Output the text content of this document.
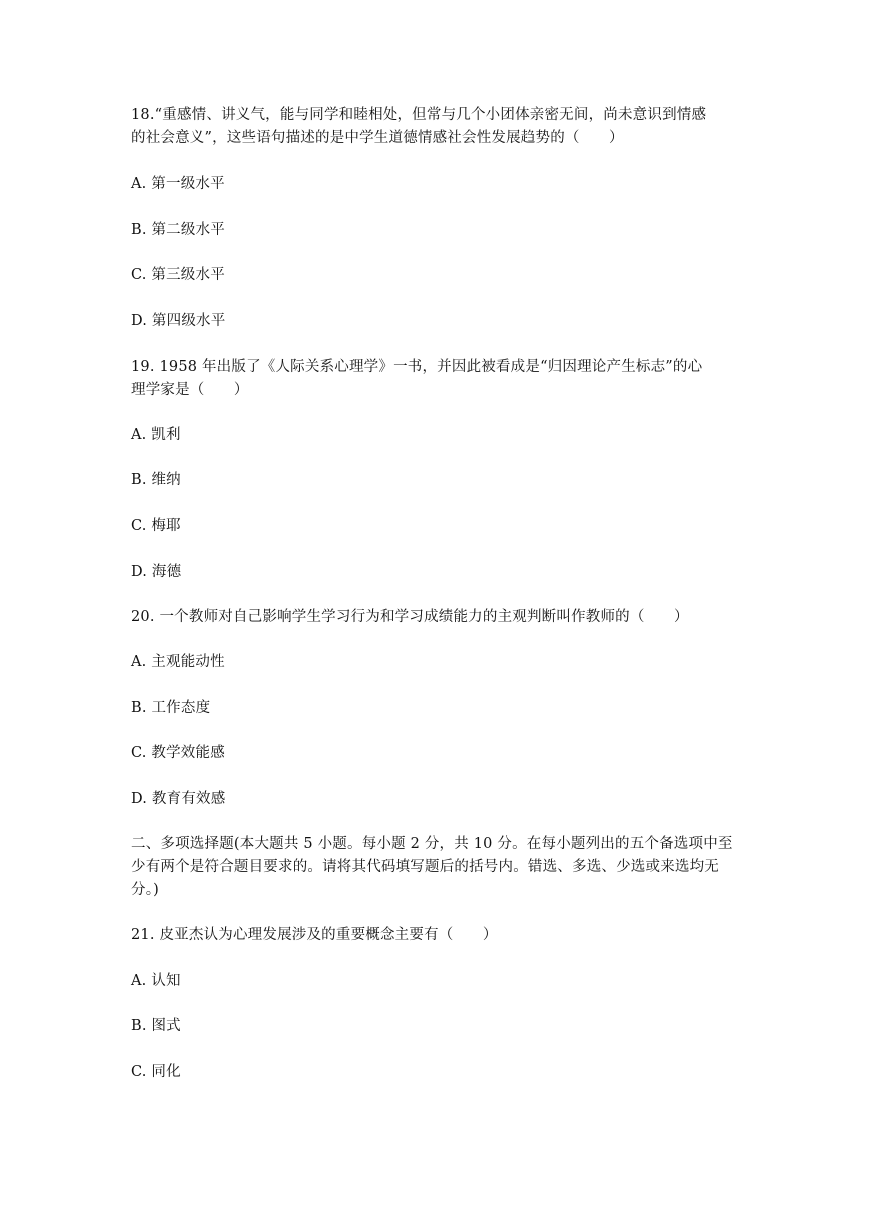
18.“重感情、讲义气，能与同学和睦相处，但常与几个小团体亲密无间，尚未意识到情感
的社会意义”，这些语句描述的是中学生道德情感社会性发展趋势的（　　）
A. 第一级水平
B. 第二级水平
C. 第三级水平
D. 第四级水平
19. 1958 年出版了《人际关系心理学》一书，并因此被看成是“归因理论产生标志”的心
理学家是（　　）
A. 凯利
B. 维纳
C. 梅耶
D. 海德
20. 一个教师对自己影响学生学习行为和学习成绩能力的主观判断叫作教师的（　　）
A. 主观能动性
B. 工作态度
C. 教学效能感
D. 教育有效感
二、多项选择题(本大题共 5 小题。每小题 2 分，共 10 分。在每小题列出的五个备选项中至
少有两个是符合题目要求的。请将其代码填写题后的括号内。错选、多选、少选或来选均无
分。)
21. 皮亚杰认为心理发展涉及的重要概念主要有（　　）
A. 认知
B. 图式
C. 同化
